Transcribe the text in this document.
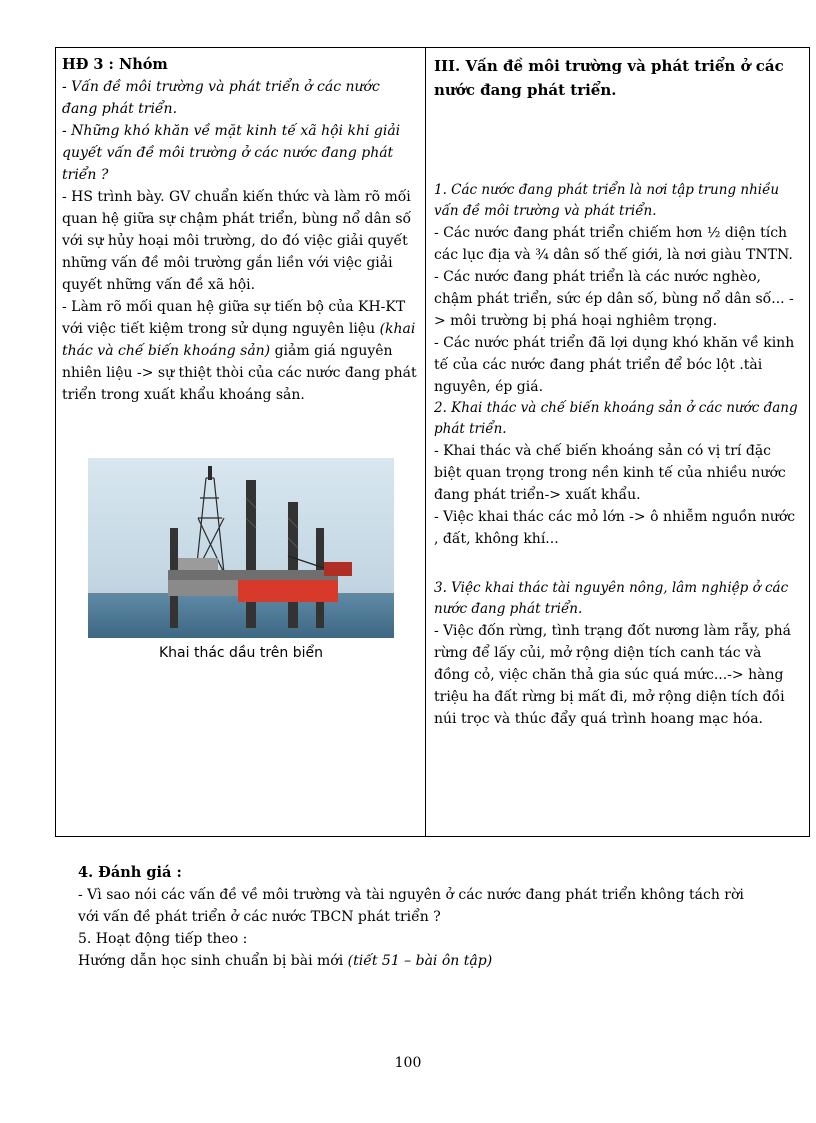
HĐ 3 : Nhóm

- Vấn đề môi trường và phát triển ở các nước đang phát triển.

- Những khó khăn về mặt kinh tế xã hội khi giải quyết vấn đề môi trường ở các nước đang phát triển ?

- HS trình bày. GV chuẩn kiến thức và làm rõ mối quan hệ giữa sự chậm phát triển, bùng nổ dân số với sự hủy hoại môi trường, do đó việc giải quyết những vấn đề môi trường gắn liền với việc giải quyết những vấn đề xã hội.

- Làm rõ mối quan hệ giữa sự tiến bộ của KH-KT với việc tiết kiệm trong sử dụng nguyên liệu (khai thác và chế biến khoáng sản) giảm giá nguyên nhiên liệu -> sự thiệt thòi của các nước đang phát triển trong xuất khẩu khoáng sản.

Khai thác dầu trên biển

III. Vấn đề môi trường và phát triển ở các nước đang phát triển.

1. Các nước đang phát triển là nơi tập trung nhiều vấn đề môi trường và phát triển.

- Các nước đang phát triển chiếm hơn ½ diện tích các lục địa và ¾ dân số thế giới, là nơi giàu TNTN.

- Các nước đang phát triển là các nước nghèo, chậm phát triển, sức ép dân số, bùng nổ dân số... -> môi trường bị phá hoại nghiêm trọng.

- Các nước phát triển đã lợi dụng khó khăn về kinh tế của các nước đang phát triển để bóc lột .tài nguyên, ép giá.

2. Khai thác và chế biến khoáng sản ở các nước đang phát triển.

- Khai thác và chế biến khoáng sản có vị trí đặc biệt quan trọng trong nền kinh tế của nhiều nước đang phát triển-> xuất khẩu.

- Việc khai thác các mỏ lớn -> ô nhiễm nguồn nước , đất, không khí...

3. Việc khai thác tài nguyên nông, lâm nghiệp ở các nước đang phát triển.

- Việc đốn rừng, tình trạng đốt nương làm rẫy, phá rừng để lấy củi, mở rộng diện tích canh tác và đồng cỏ, việc chăn thả gia súc quá mức...-> hàng triệu ha đất rừng bị mất đi, mở rộng diện tích đồi núi trọc và thúc đẩy quá trình hoang mạc hóa.

4. Đánh giá :

- Vì sao nói các vấn đề về môi trường và tài nguyên ở các nước đang phát triển không tách rời với vấn đề phát triển ở các nước TBCN phát triển ?

5. Hoạt động tiếp theo :

Hướng dẫn học sinh chuẩn bị bài mới (tiết 51 – bài ôn tập)

100
